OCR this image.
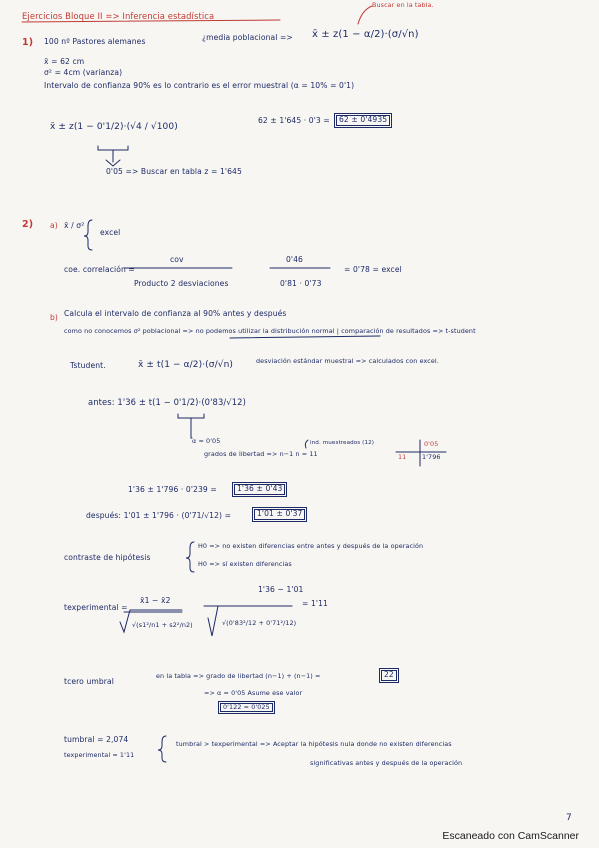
Ejercicios Bloque II => Inferencia estadística
Buscar en la tabla.
1) 100 nº Pastores alemanes	¿media poblacional => x̄ ± z(1 − α/2)·(σ/√n)
x̄ = 62 cm
σ² = 4cm (varianza)
Intervalo de confianza 90% es lo contrario es el error muestral (α = 10% = 0'1)
x̄ ± z(1 − 0'1/2)·(√4 / √100)
62 ± 1'645 · 0'3 =	62 ± 0'4935
0'05 => Buscar en tabla z = 1'645
2) a) x̄ / σ²
excel
coe. correlación =
cov
Producto 2 desviaciones
0'46
0'81 · 0'73
= 0'78 = excel
b) Calcula el intervalo de confianza al 90% antes y después
como no conocemos σ² poblacional => no podemos utilizar la distribución normal | comparación de resultados => t-student
Tstudent.	x̄ ± t(1 − α/2)·(σ/√n)	desviación estándar muestral => calculados con excel.
antes: 1'36 ± t(1 − 0'1/2)·(0'83/√12)
α = 0'05	ind. muestreados (12)
grados de libertad => n−1 n = 11
0'05
11 1'796
1'36 ± 1'796 · 0'239 =	1'36 ± 0'43
después: 1'01 ± 1'796 · (0'71/√12) =	1'01 ± 0'37
contraste de hipótesis
H0 => no existen diferencias entre antes y después de la operación
H0 => sí existen diferencias
texperimental =
x̄1 − x̄2
√(s1²/n1 + s2²/n2)
1'36 − 1'01
√(0'83²/12 + 0'71²/12)
= 1'11
tcero umbral
en la tabla => grado de libertad (n−1) + (n−1) =	22
=> α = 0'05 Asume ese valor
0'122 = 0'025
tumbral = 2,074
texperimental = 1'11
tumbral > texperimental => Aceptar la hipótesis nula donde no existen diferencias
significativas antes y después de la operación
7
Escaneado con CamScanner
